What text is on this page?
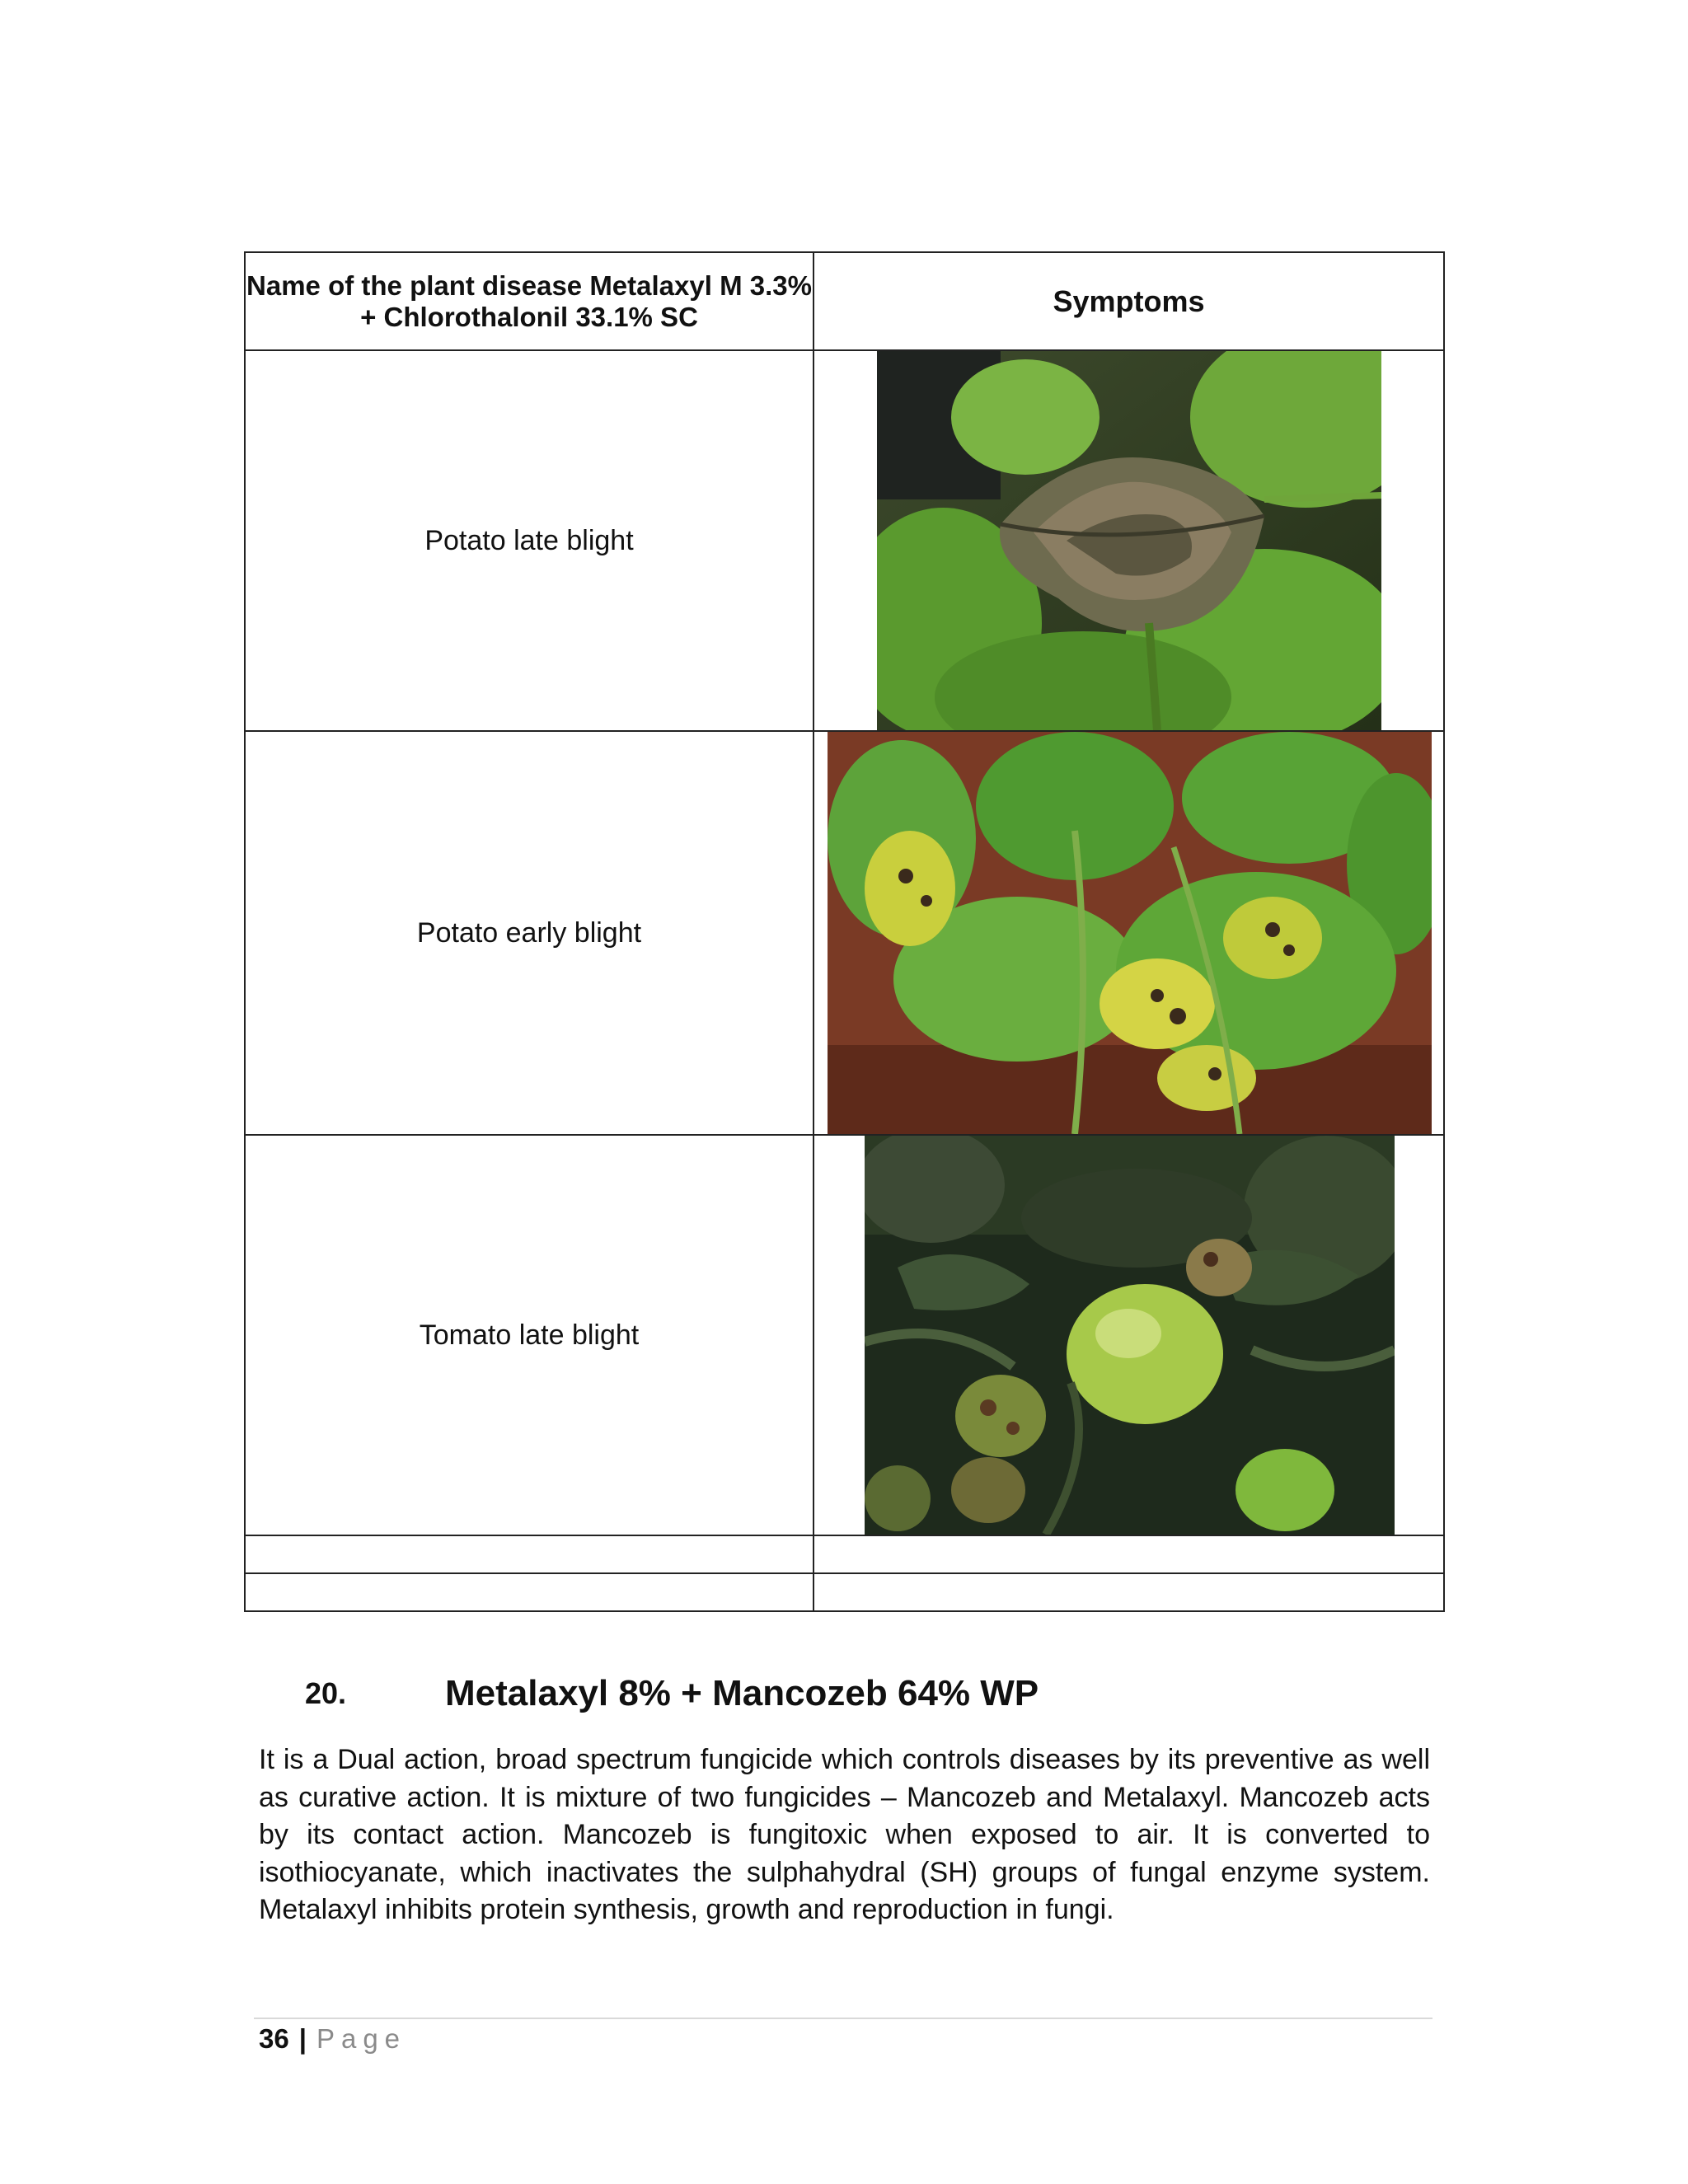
Name of the plant disease Metalaxyl M 3.3% + Chlorothalonil 33.1% SC	Symptoms
Potato late blight	

Potato early blight	

Tomato late blight	

20.	Metalaxyl 8% + Mancozeb 64% WP

It is a Dual action, broad spectrum fungicide which controls diseases by its preventive as well as curative action. It is mixture of two fungicides – Mancozeb and Metalaxyl. Mancozeb acts by its contact action. Mancozeb is fungitoxic when exposed to air. It is converted to isothiocyanate, which inactivates the sulphahydral (SH) groups of fungal enzyme system. Metalaxyl inhibits protein synthesis, growth and reproduction in fungi.

36 | Page
